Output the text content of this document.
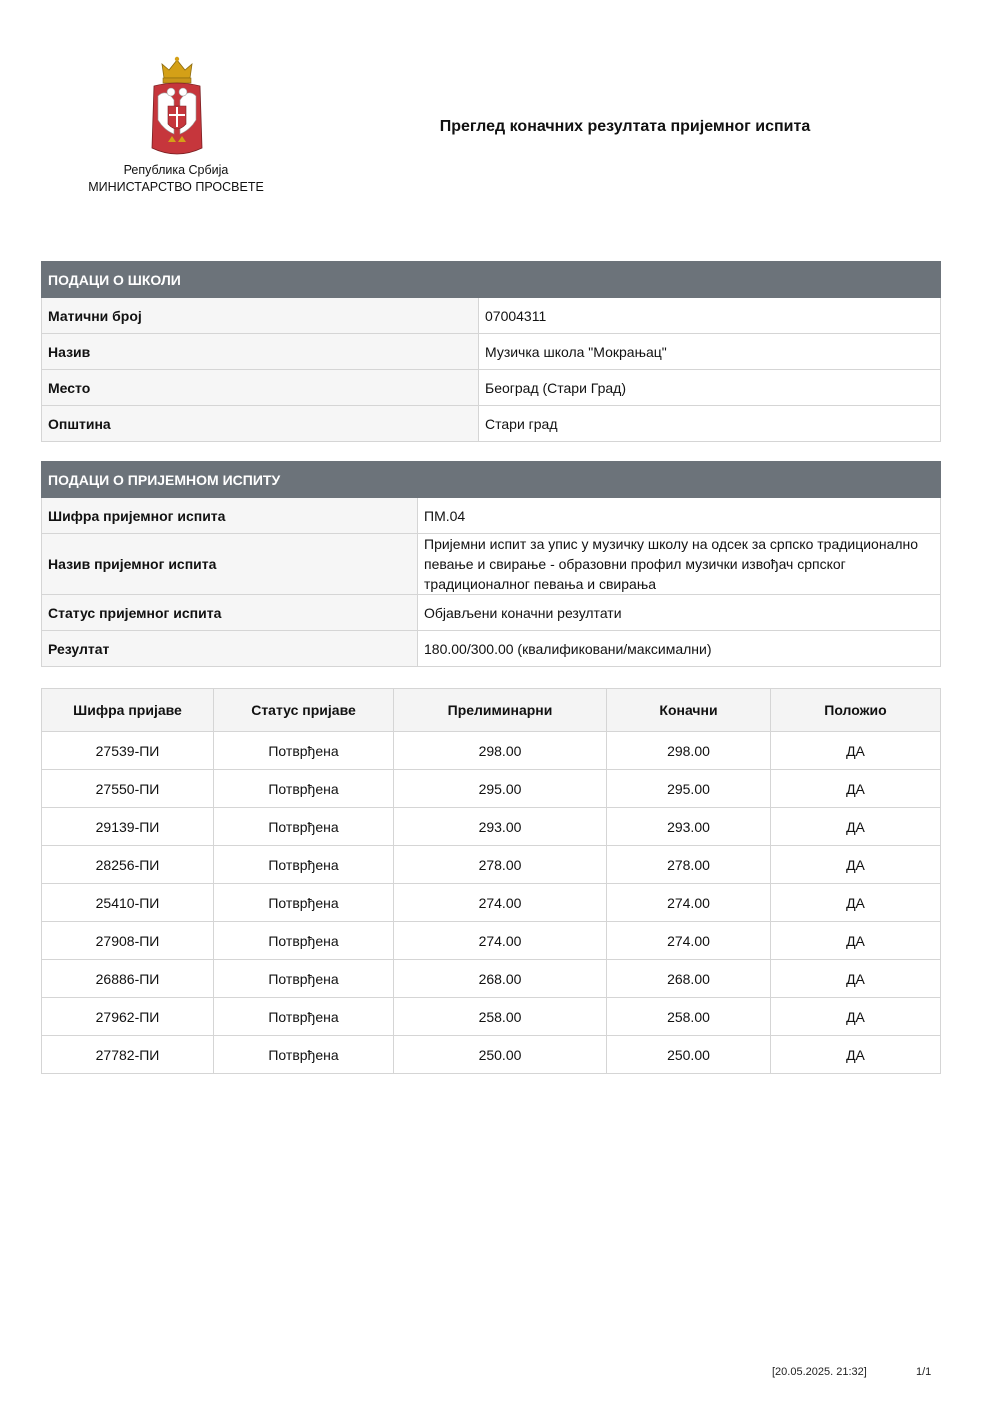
Република Србија
МИНИСТАРСТВО ПРОСВЕТЕ
Преглед коначних резултата пријемног испита
ПОДАЦИ О ШКОЛИ	
Матични број	07004311
Назив	Музичка школа "Мокрањац"
Место	Београд (Стари Град)
Општина	Стари град
ПОДАЦИ О ПРИЈЕМНОМ ИСПИТУ	
Шифра пријемног испита	ПМ.04
Назив пријемног испита	Пријемни испит за упис у музичку школу на одсек за српско традиционално певање и свирање - образовни профил музички извођач српског традиционалног певања и свирања
Статус пријемног испита	Објављени коначни резултати
Резултат	180.00/300.00 (квалификовани/максимални)
Шифра пријаве	Статус пријаве	Прелиминарни	Коначни	Положио
27539-ПИ	Потврђена	298.00	298.00	ДА
27550-ПИ	Потврђена	295.00	295.00	ДА
29139-ПИ	Потврђена	293.00	293.00	ДА
28256-ПИ	Потврђена	278.00	278.00	ДА
25410-ПИ	Потврђена	274.00	274.00	ДА
27908-ПИ	Потврђена	274.00	274.00	ДА
26886-ПИ	Потврђена	268.00	268.00	ДА
27962-ПИ	Потврђена	258.00	258.00	ДА
27782-ПИ	Потврђена	250.00	250.00	ДА
[20.05.2025. 21:32]	1/1
